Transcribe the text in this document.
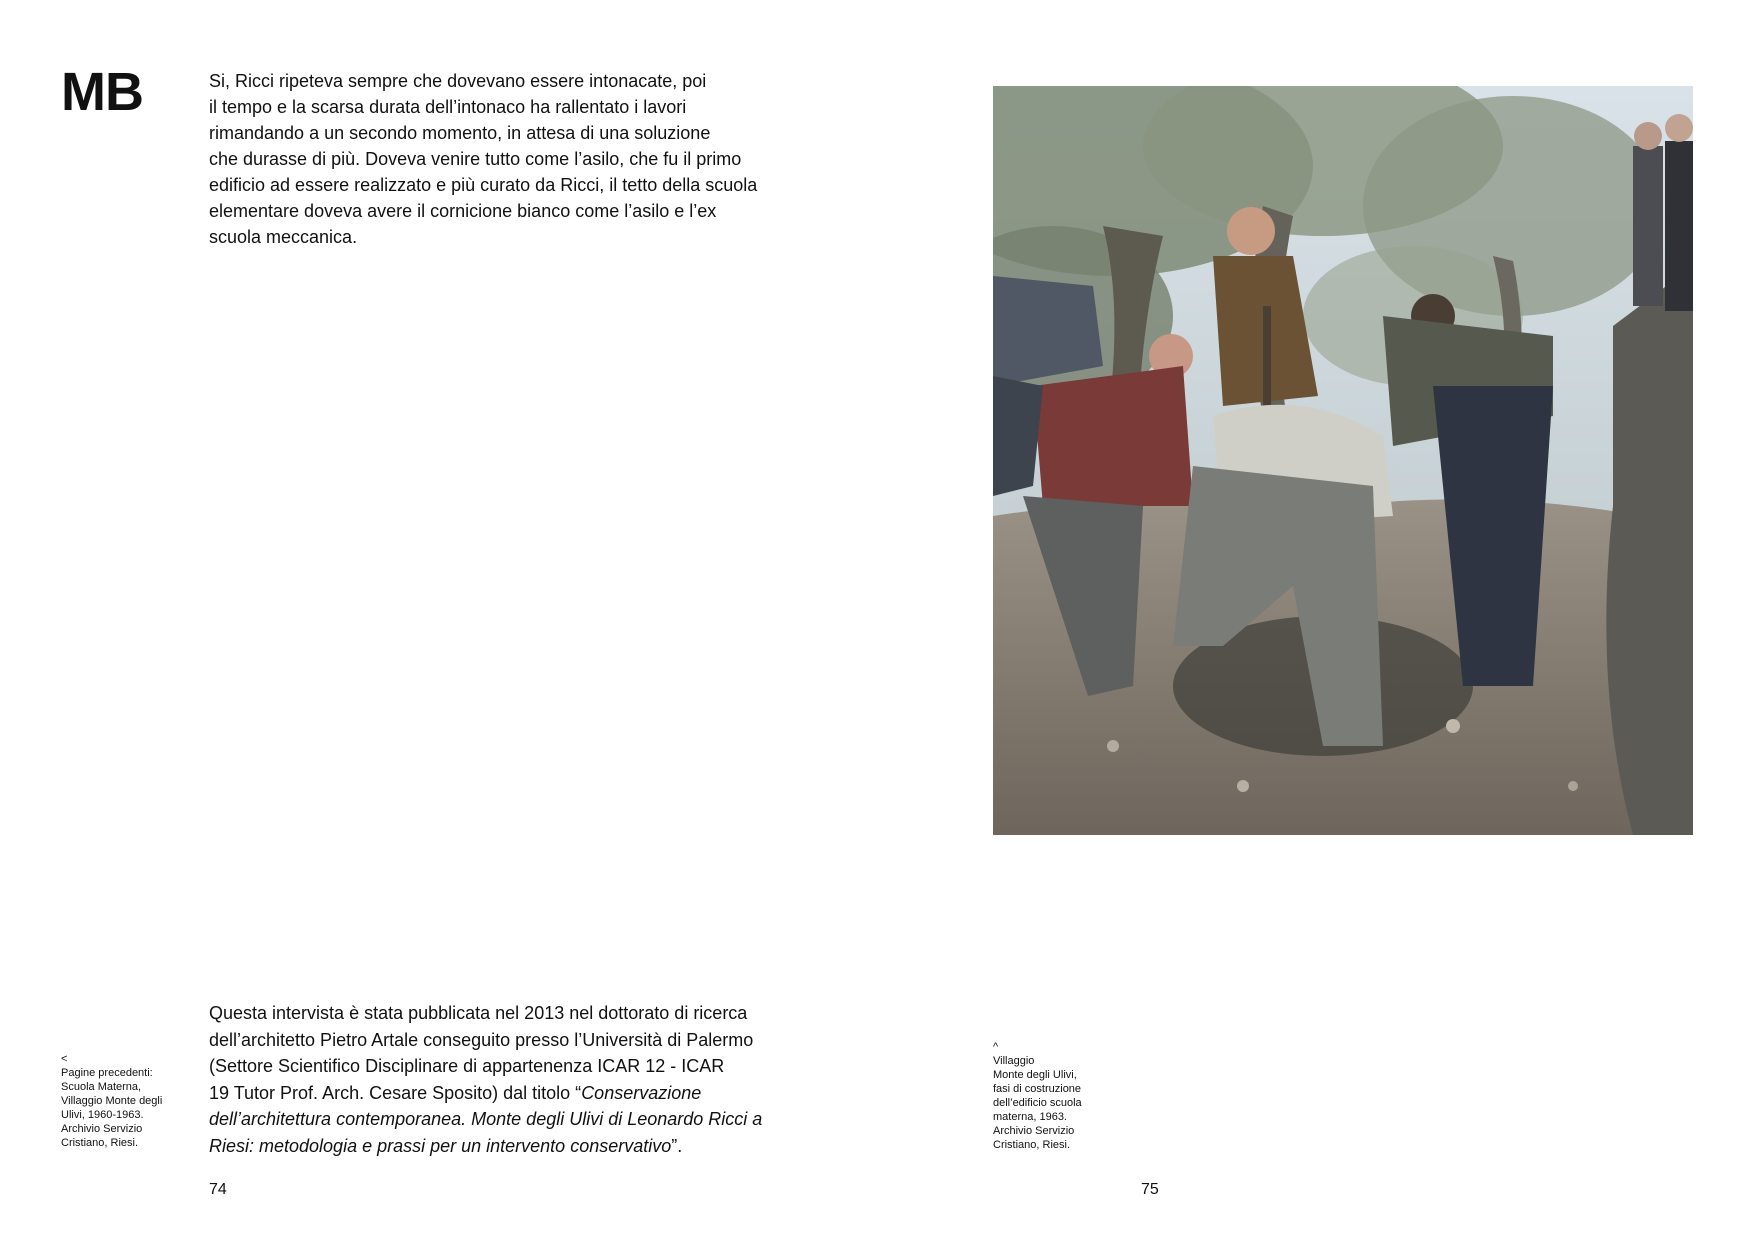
MB	Si, Ricci ripeteva sempre che dovevano essere intonacate, poi
il tempo e la scarsa durata dell’intonaco ha rallentato i lavori
rimandando a un secondo momento, in attesa di una soluzione
che durasse di più. Doveva venire tutto come l’asilo, che fu il primo
edificio ad essere realizzato e più curato da Ricci, il tetto della scuola
elementare doveva avere il cornicione bianco come l’asilo e l’ex
scuola meccanica.

Questa intervista è stata pubblicata nel 2013 nel dottorato di ricerca
dell’architetto Pietro Artale conseguito presso l’Università di Palermo
(Settore Scientifico Disciplinare di appartenenza ICAR 12 - ICAR
19 Tutor Prof. Arch. Cesare Sposito) dal titolo “Conservazione
dell’architettura contemporanea. Monte degli Ulivi di Leonardo Ricci a
Riesi: metodologia e prassi per un intervento conservativo”.

<
Pagine precedenti:
Scuola Materna,
Villaggio Monte degli
Ulivi, 1960-1963.
Archivio Servizio
Cristiano, Riesi.

74

^
Villaggio
Monte degli Ulivi,
fasi di costruzione
dell’edificio scuola
materna, 1963.
Archivio Servizio
Cristiano, Riesi.

75
